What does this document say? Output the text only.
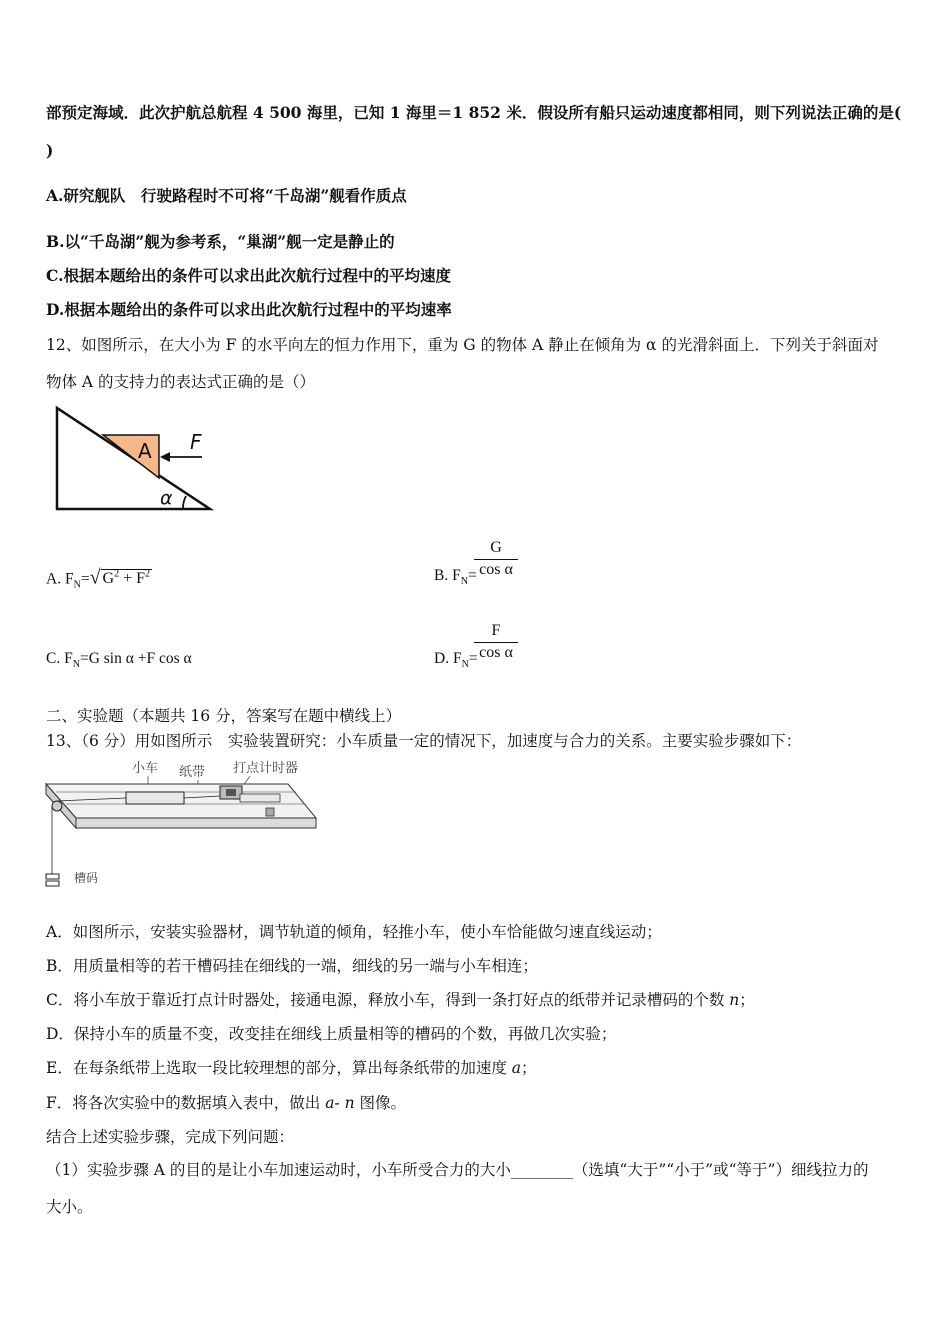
部预定海域．此次护航总航程 4 500 海里，已知 1 海里＝1 852 米．假设所有船只运动速度都相同，则下列说法正确的是(
)
A.研究舰队　行驶路程时不可将“千岛湖”舰看作质点
B.以“千岛湖”舰为参考系，“巢湖”舰一定是静止的
C.根据本题给出的条件可以求出此次航行过程中的平均速度
D.根据本题给出的条件可以求出此次航行过程中的平均速率
12、如图所示，在大小为 F 的水平向左的恒力作用下，重为 G 的物体 A 静止在倾角为 α 的光滑斜面上．下列关于斜面对
物体 A 的支持力的表达式正确的是（）
A F
α
A. $F_N=√$ $G^2 + F^2$	B. $F_N=$
G
cos α
C. $F_N=G$ sin α +F cos α	D. $F_N=$
F
cos α
二、实验题（本题共 16 分，答案写在题中横线上）
13、（6 分）用如图所示　实验装置研究：小车质量一定的情况下，加速度与合力的关系。主要实验步骤如下：
小车 纸带 打点计时器
槽码
A．如图所示，安装实验器材，调节轨道的倾角，轻推小车，使小车恰能做匀速直线运动；
B．用质量相等的若干槽码挂在细线的一端，细线的另一端与小车相连；
C．将小车放于靠近打点计时器处，接通电源，释放小车，得到一条打好点的纸带并记录槽码的个数 n；
D．保持小车的质量不变，改变挂在细线上质量相等的槽码的个数，再做几次实验；
E．在每条纸带上选取一段比较理想的部分，算出每条纸带的加速度 a；
F．将各次实验中的数据填入表中，做出 a- n 图像。
结合上述实验步骤，完成下列问题：
（1）实验步骤 A 的目的是让小车加速运动时，小车所受合力的大小________（选填“大于”“小于”或“等于”）细线拉力的
大小。
